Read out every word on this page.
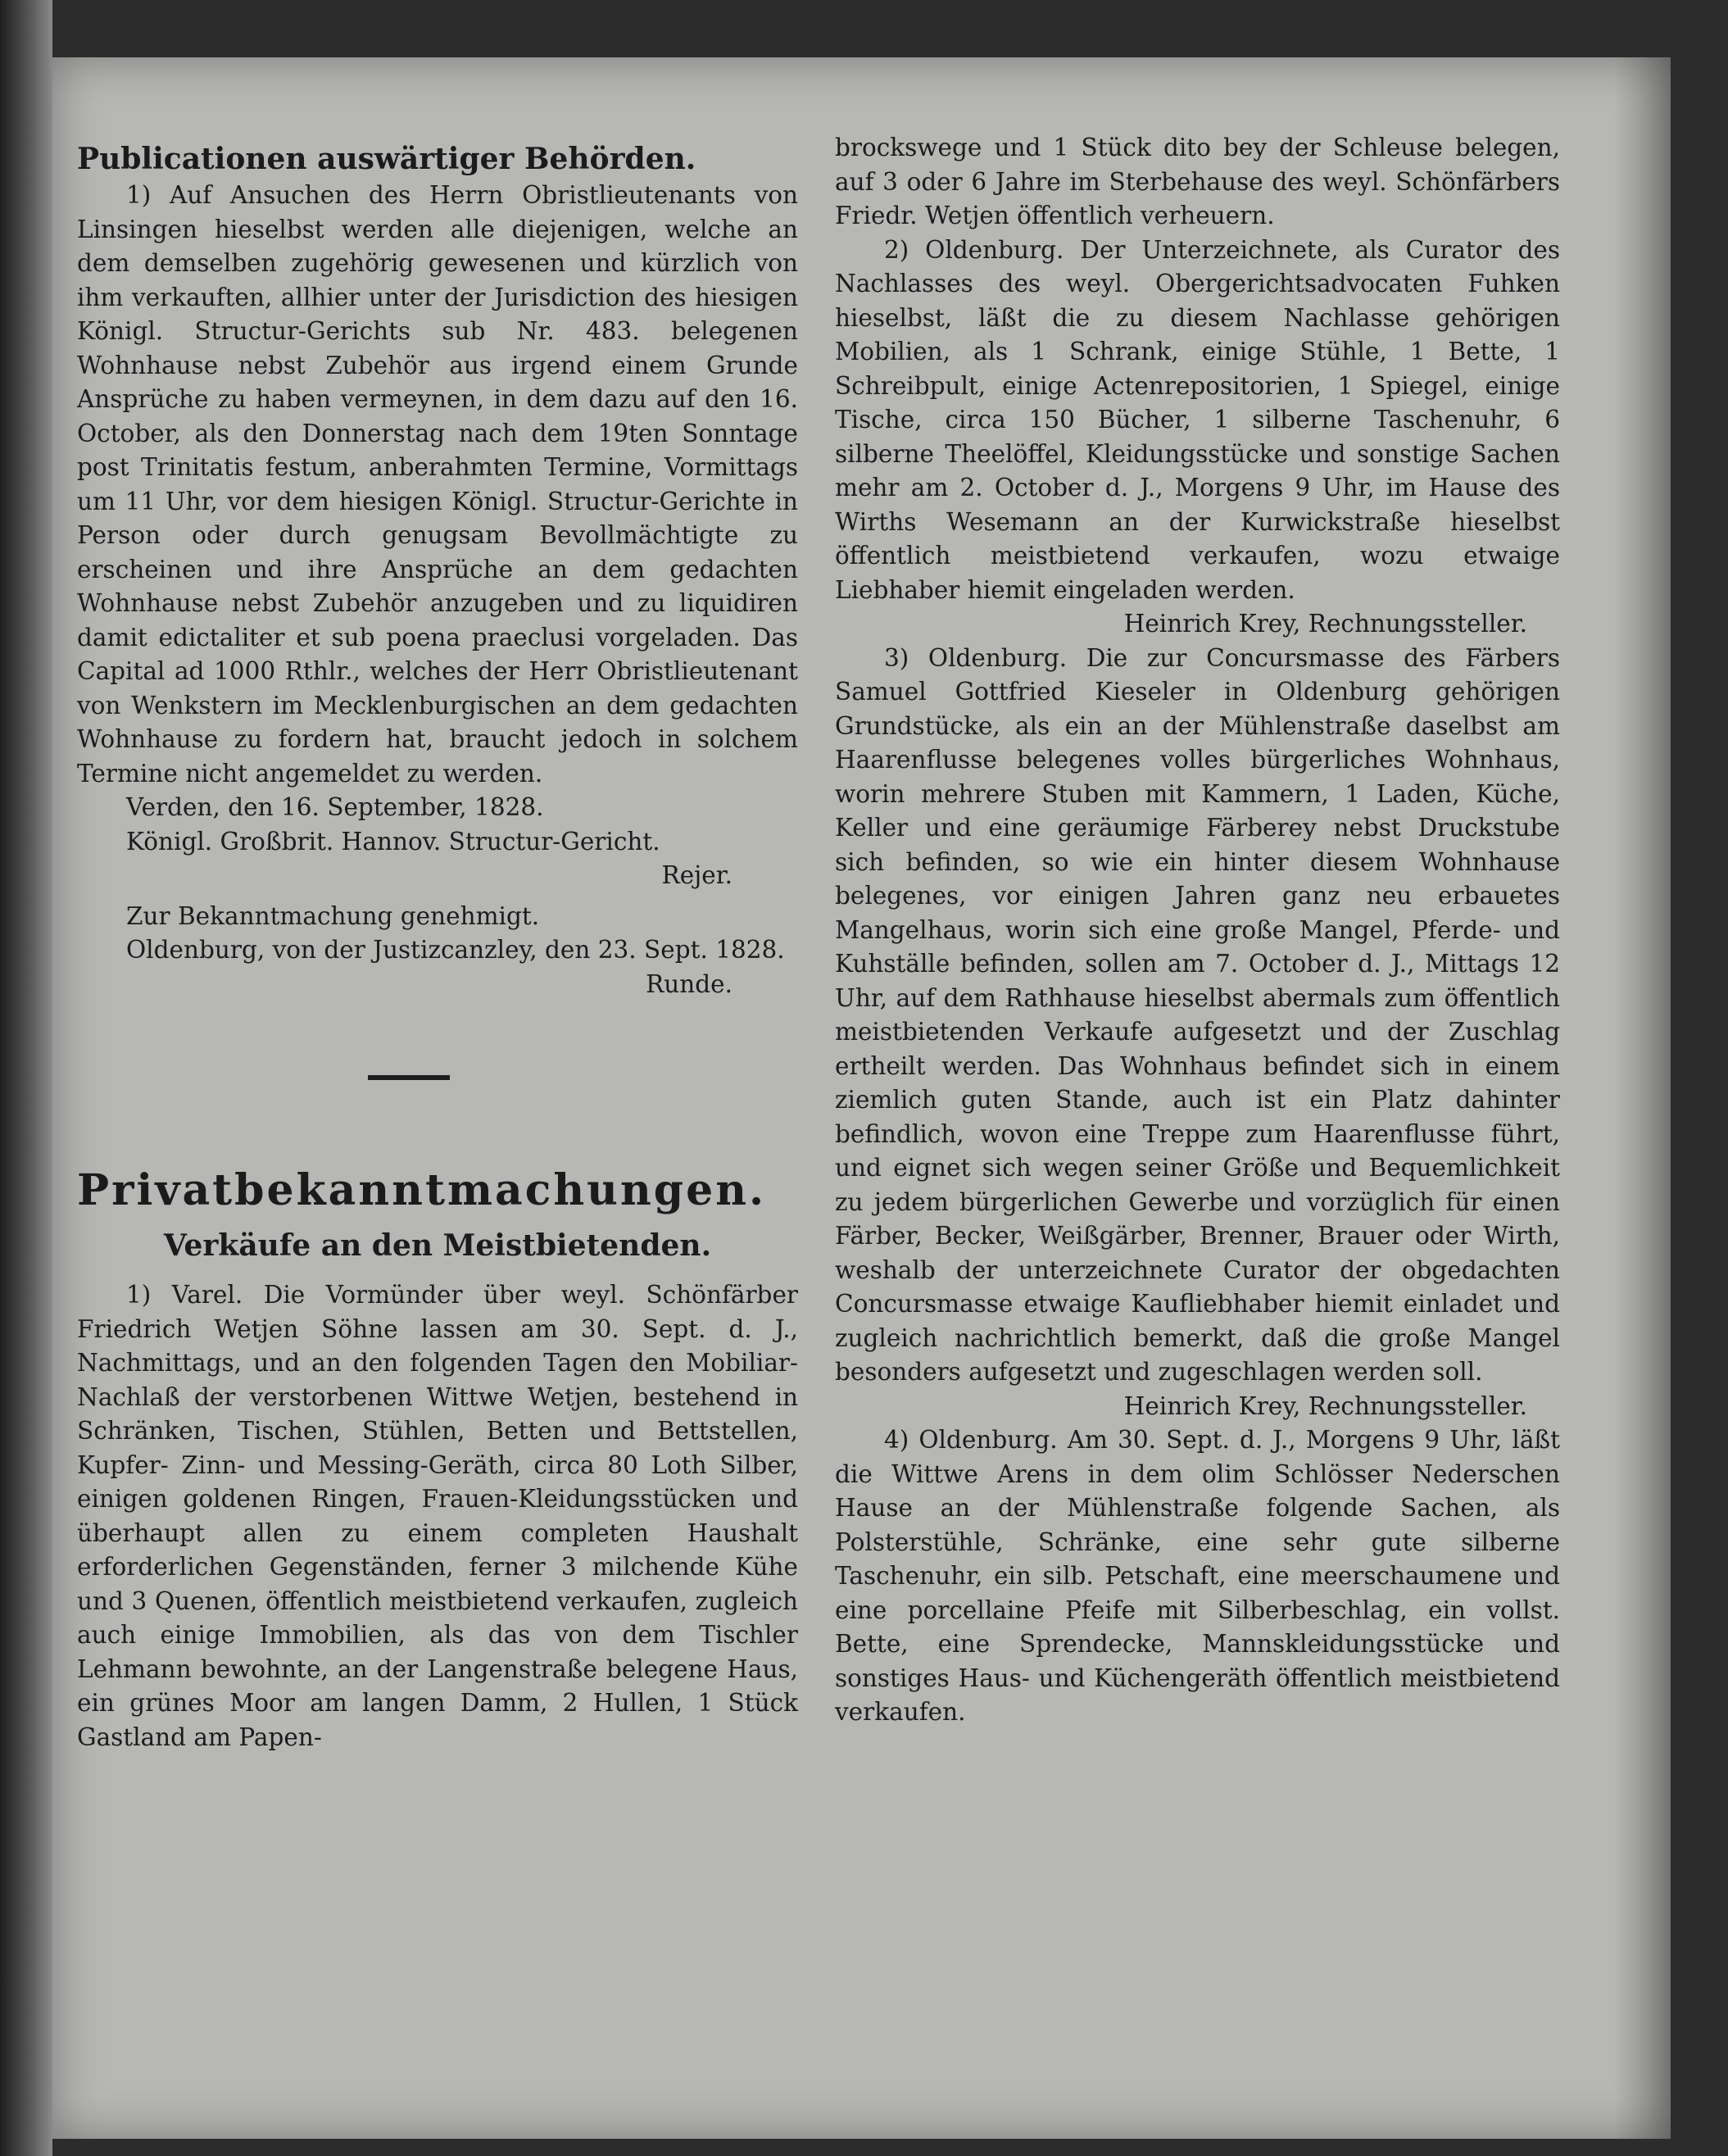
Publicationen auswärtiger Behörden.

1) Auf Ansuchen des Herrn Obristlieutenants von Linsingen hieselbst werden alle diejenigen, welche an dem demselben zugehörig gewesenen und kürzlich von ihm verkauften, allhier unter der Jurisdiction des hiesigen Königl. Structur-Gerichts sub Nr. 483. belegenen Wohnhause nebst Zubehör aus irgend einem Grunde Ansprüche zu haben vermeynen, in dem dazu auf den 16. October, als den Donnerstag nach dem 19ten Sonntage post Trinitatis festum, anberahmten Termine, Vormittags um 11 Uhr, vor dem hiesigen Königl. Structur-Gerichte in Person oder durch genugsam Bevollmächtigte zu erscheinen und ihre Ansprüche an dem gedachten Wohnhause nebst Zubehör anzugeben und zu liquidiren damit edictaliter et sub poena praeclusi vorgeladen. Das Capital ad 1000 Rthlr., welches der Herr Obristlieutenant von Wenkstern im Mecklenburgischen an dem gedachten Wohnhause zu fordern hat, braucht jedoch in solchem Termine nicht angemeldet zu werden.

Verden, den 16. September, 1828.

Königl. Großbrit. Hannov. Structur-Gericht.

Rejer.

Zur Bekanntmachung genehmigt.

Oldenburg, von der Justizcanzley, den 23. Sept. 1828.

Runde.

Privatbekanntmachungen.

Verkäufe an den Meistbietenden.

1) Varel. Die Vormünder über weyl. Schönfärber Friedrich Wetjen Söhne lassen am 30. Sept. d. J., Nachmittags, und an den folgenden Tagen den Mobiliar-Nachlaß der verstorbenen Wittwe Wetjen, bestehend in Schränken, Tischen, Stühlen, Betten und Bettstellen, Kupfer- Zinn- und Messing-Geräth, circa 80 Loth Silber, einigen goldenen Ringen, Frauen-Kleidungsstücken und überhaupt allen zu einem completen Haushalt erforderlichen Gegenständen, ferner 3 milchende Kühe und 3 Quenen, öffentlich meistbietend verkaufen, zugleich auch einige Immobilien, als das von dem Tischler Lehmann bewohnte, an der Langenstraße belegene Haus, ein grünes Moor am langen Damm, 2 Hullen, 1 Stück Gastland am Papen-

brockswege und 1 Stück dito bey der Schleuse belegen, auf 3 oder 6 Jahre im Sterbehause des weyl. Schönfärbers Friedr. Wetjen öffentlich verheuern.

2) Oldenburg. Der Unterzeichnete, als Curator des Nachlasses des weyl. Obergerichtsadvocaten Fuhken hieselbst, läßt die zu diesem Nachlasse gehörigen Mobilien, als 1 Schrank, einige Stühle, 1 Bette, 1 Schreibpult, einige Actenrepositorien, 1 Spiegel, einige Tische, circa 150 Bücher, 1 silberne Taschenuhr, 6 silberne Theelöffel, Kleidungsstücke und sonstige Sachen mehr am 2. October d. J., Morgens 9 Uhr, im Hause des Wirths Wesemann an der Kurwickstraße hieselbst öffentlich meistbietend verkaufen, wozu etwaige Liebhaber hiemit eingeladen werden.

Heinrich Krey, Rechnungssteller.

3) Oldenburg. Die zur Concursmasse des Färbers Samuel Gottfried Kieseler in Oldenburg gehörigen Grundstücke, als ein an der Mühlenstraße daselbst am Haarenflusse belegenes volles bürgerliches Wohnhaus, worin mehrere Stuben mit Kammern, 1 Laden, Küche, Keller und eine geräumige Färberey nebst Druckstube sich befinden, so wie ein hinter diesem Wohnhause belegenes, vor einigen Jahren ganz neu erbauetes Mangelhaus, worin sich eine große Mangel, Pferde- und Kuhställe befinden, sollen am 7. October d. J., Mittags 12 Uhr, auf dem Rathhause hieselbst abermals zum öffentlich meistbietenden Verkaufe aufgesetzt und der Zuschlag ertheilt werden. Das Wohnhaus befindet sich in einem ziemlich guten Stande, auch ist ein Platz dahinter befindlich, wovon eine Treppe zum Haarenflusse führt, und eignet sich wegen seiner Größe und Bequemlichkeit zu jedem bürgerlichen Gewerbe und vorzüglich für einen Färber, Becker, Weißgärber, Brenner, Brauer oder Wirth, weshalb der unterzeichnete Curator der obgedachten Concursmasse etwaige Kaufliebhaber hiemit einladet und zugleich nachrichtlich bemerkt, daß die große Mangel besonders aufgesetzt und zugeschlagen werden soll.

Heinrich Krey, Rechnungssteller.

4) Oldenburg. Am 30. Sept. d. J., Morgens 9 Uhr, läßt die Wittwe Arens in dem olim Schlösser Nederschen Hause an der Mühlenstraße folgende Sachen, als Polsterstühle, Schränke, eine sehr gute silberne Taschenuhr, ein silb. Petschaft, eine meerschaumene und eine porcellaine Pfeife mit Silberbeschlag, ein vollst. Bette, eine Sprendecke, Mannskleidungsstücke und sonstiges Haus- und Küchengeräth öffentlich meistbietend verkaufen.
